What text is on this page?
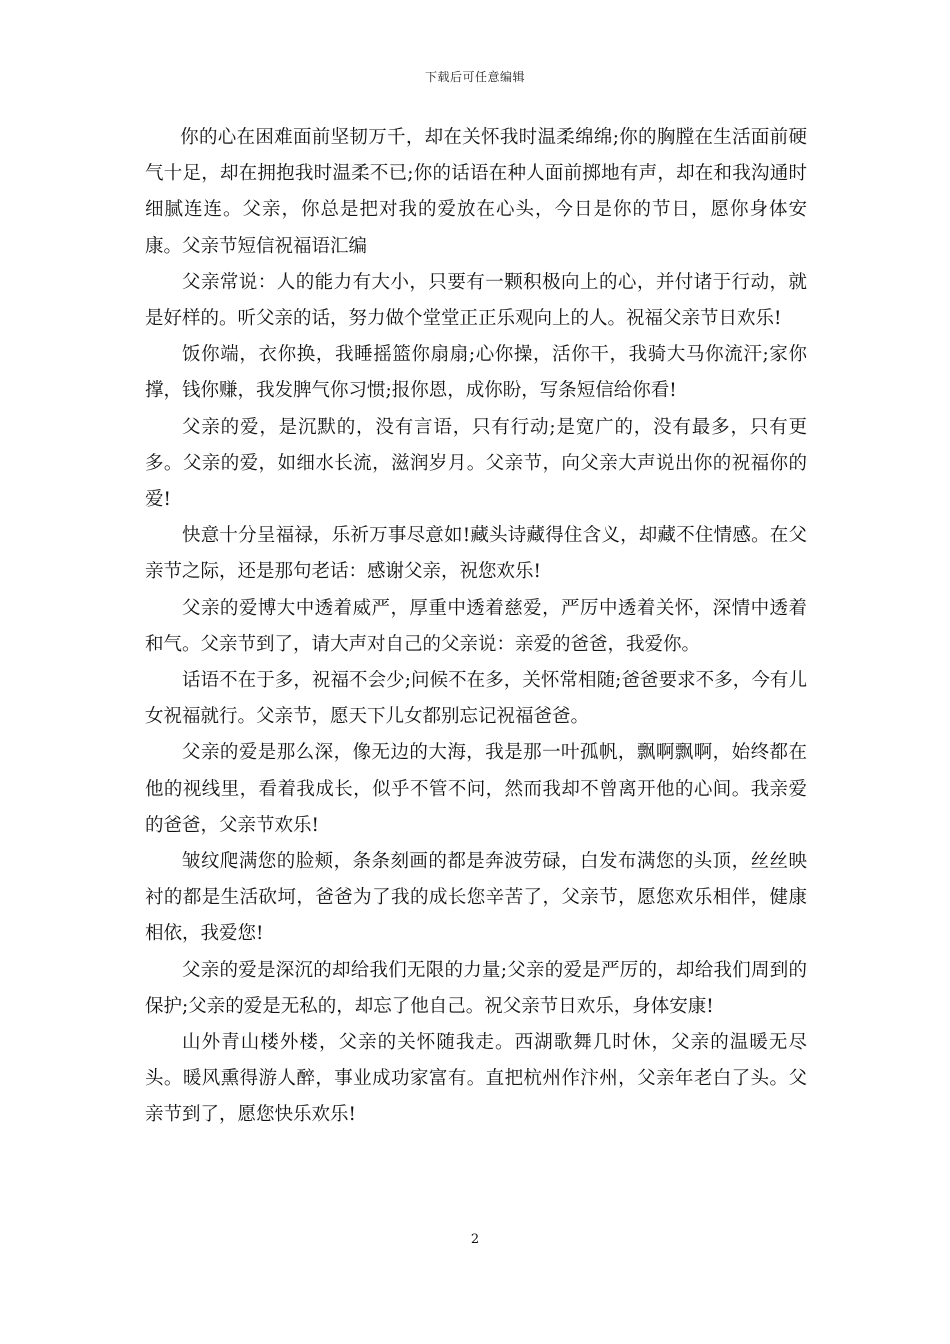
下载后可任意编辑

你的心在困难面前坚韧万千，却在关怀我时温柔绵绵;你的胸膛在生活面前硬气十足，却在拥抱我时温柔不已;你的话语在种人面前掷地有声，却在和我沟通时细腻连连。父亲，你总是把对我的爱放在心头，今日是你的节日，愿你身体安康。父亲节短信祝福语汇编

父亲常说：人的能力有大小，只要有一颗积极向上的心，并付诸于行动，就是好样的。听父亲的话，努力做个堂堂正正乐观向上的人。祝福父亲节日欢乐!

饭你端，衣你换，我睡摇篮你扇扇;心你操，活你干，我骑大马你流汗;家你撑，钱你赚，我发脾气你习惯;报你恩，成你盼，写条短信给你看!

父亲的爱，是沉默的，没有言语，只有行动;是宽广的，没有最多，只有更多。父亲的爱，如细水长流，滋润岁月。父亲节，向父亲大声说出你的祝福你的爱!

快意十分呈福禄，乐祈万事尽意如!藏头诗藏得住含义，却藏不住情感。在父亲节之际，还是那句老话：感谢父亲，祝您欢乐!

父亲的爱博大中透着威严，厚重中透着慈爱，严厉中透着关怀，深情中透着和气。父亲节到了，请大声对自己的父亲说：亲爱的爸爸，我爱你。

话语不在于多，祝福不会少;问候不在多，关怀常相随;爸爸要求不多，今有儿女祝福就行。父亲节，愿天下儿女都别忘记祝福爸爸。

父亲的爱是那么深，像无边的大海，我是那一叶孤帆，飘啊飘啊，始终都在他的视线里，看着我成长，似乎不管不问，然而我却不曾离开他的心间。我亲爱的爸爸，父亲节欢乐!

皱纹爬满您的脸颊，条条刻画的都是奔波劳碌，白发布满您的头顶，丝丝映衬的都是生活砍坷，爸爸为了我的成长您辛苦了，父亲节，愿您欢乐相伴，健康相依，我爱您!

父亲的爱是深沉的却给我们无限的力量;父亲的爱是严厉的，却给我们周到的保护;父亲的爱是无私的，却忘了他自己。祝父亲节日欢乐，身体安康!

山外青山楼外楼，父亲的关怀随我走。西湖歌舞几时休，父亲的温暖无尽头。暖风熏得游人醉，事业成功家富有。直把杭州作汴州，父亲年老白了头。父亲节到了，愿您快乐欢乐!

2
